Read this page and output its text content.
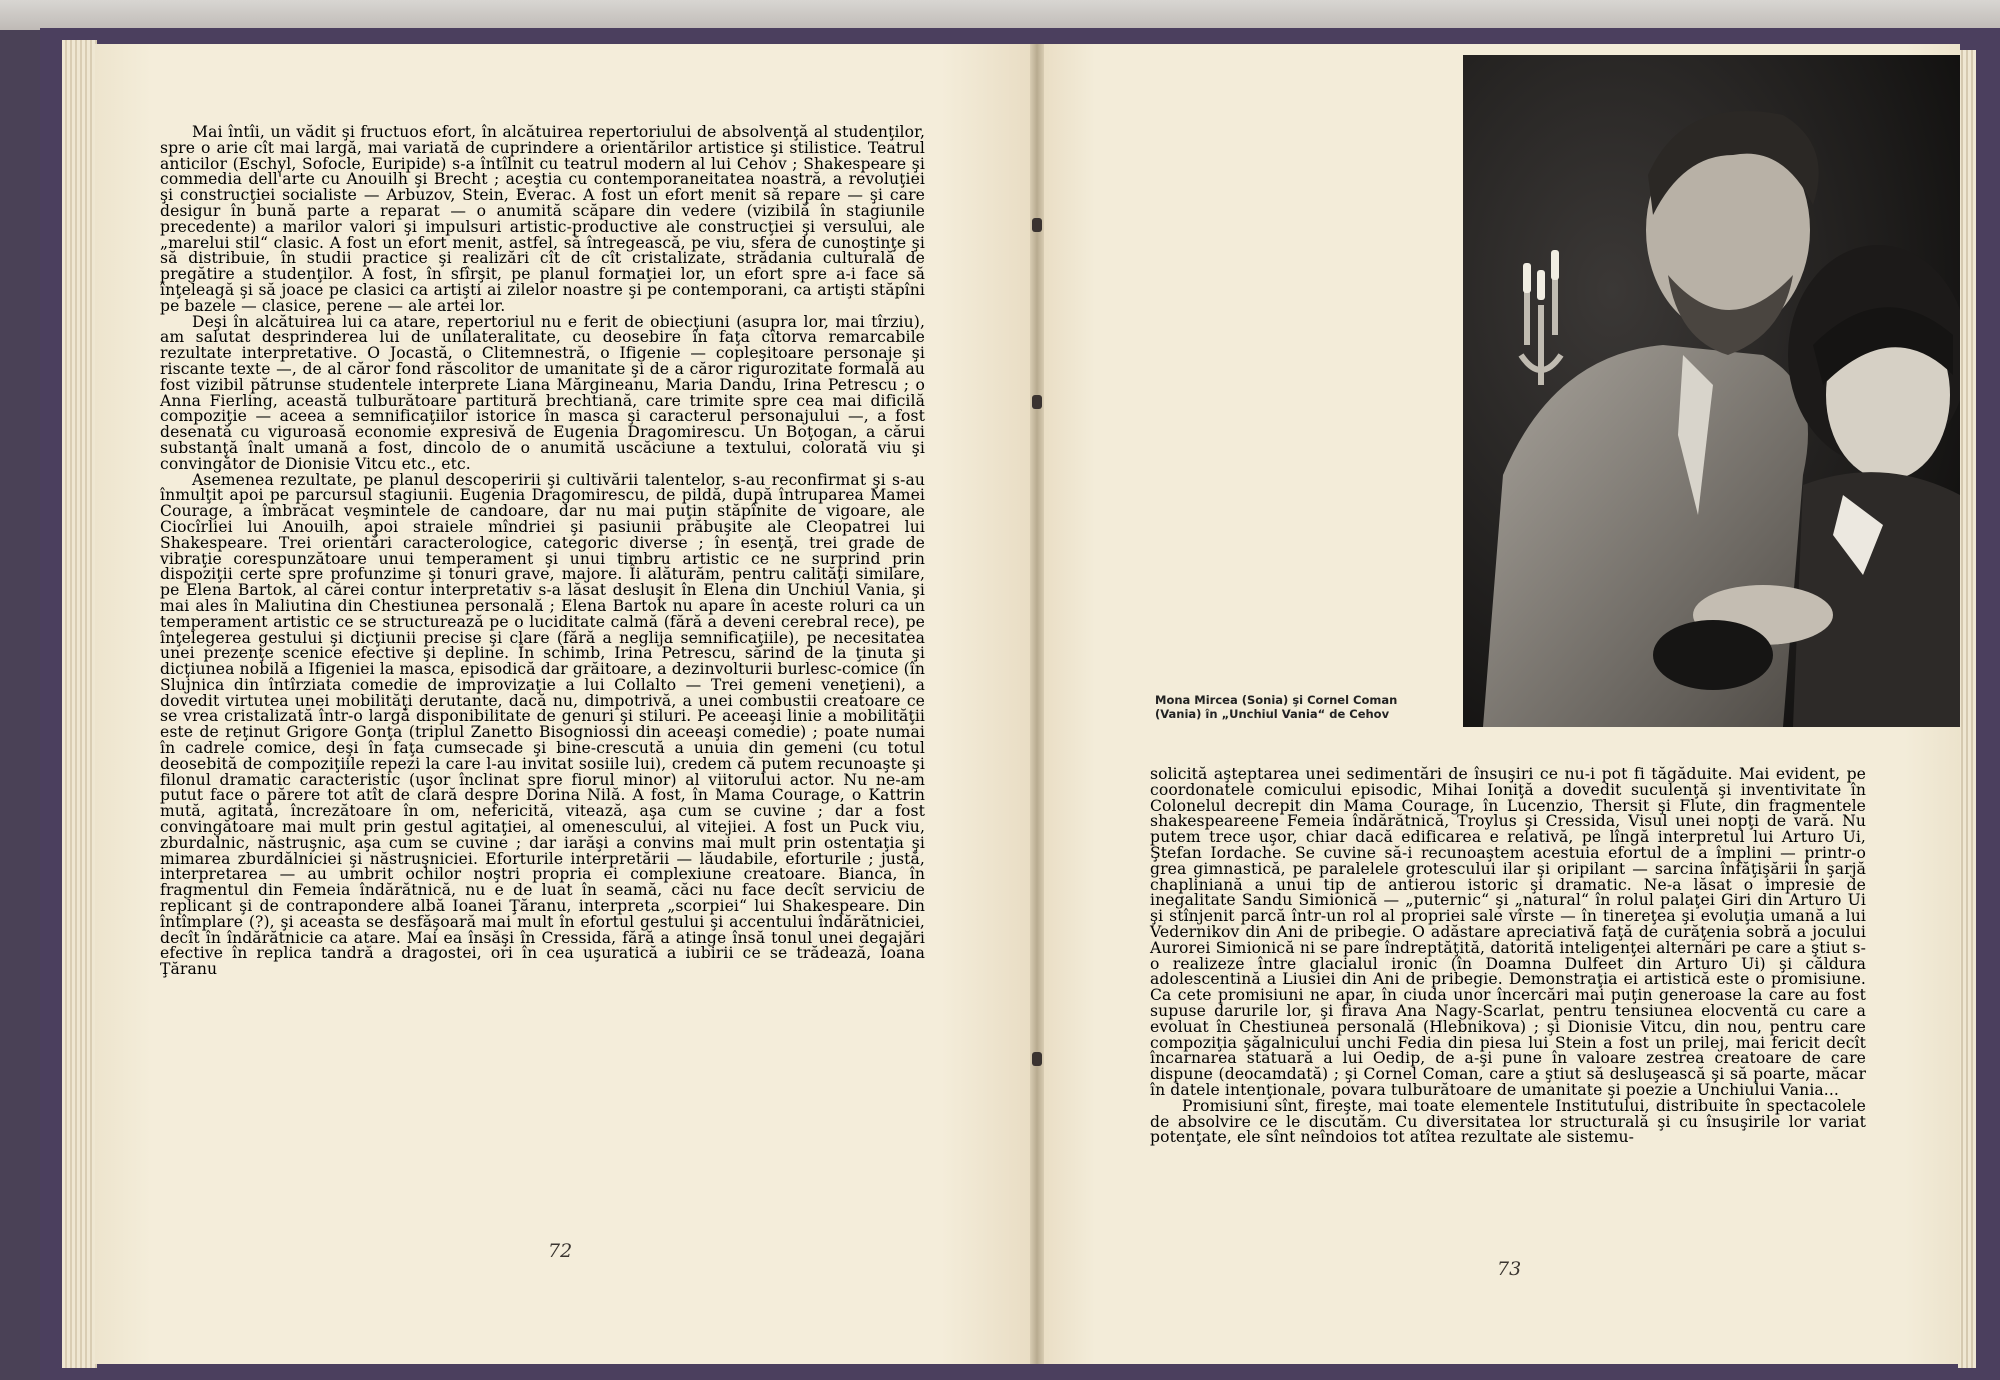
Mai întîi, un vădit şi fructuos efort, în alcătuirea repertoriului de absolvenţă al studenţilor, spre o arie cît mai largă, mai variată de cuprindere a orientărilor artistice şi stilistice. Teatrul anticilor (Eschyl, Sofocle, Euripide) s-a întîlnit cu teatrul modern al lui Cehov ; Shakespeare şi commedia dell'arte cu Anouilh şi Brecht ; aceştia cu contemporaneitatea noastră, a revoluţiei şi construcţiei socialiste — Arbuzov, Stein, Everac. A fost un efort menit să repare — şi care desigur în bună parte a reparat — o anumită scăpare din vedere (vizibilă în stagiunile precedente) a marilor valori şi impulsuri artistic-productive ale construcţiei şi versului, ale „marelui stil“ clasic. A fost un efort menit, astfel, să întregească, pe viu, sfera de cunoştinţe şi să distribuie, în studii practice şi realizări cît de cît cristalizate, strădania culturală de pregătire a studenţilor. A fost, în sfîrşit, pe planul formaţiei lor, un efort spre a-i face să înţeleagă şi să joace pe clasici ca artişti ai zilelor noastre şi pe contemporani, ca artişti stăpîni pe bazele — clasice, perene — ale artei lor.

Deşi în alcătuirea lui ca atare, repertoriul nu e ferit de obiecţiuni (asupra lor, mai tîrziu), am salutat desprinderea lui de unilateralitate, cu deosebire în faţa cîtorva remarcabile rezultate interpretative. O Jocastă, o Clitemnestră, o Ifigenie — copleşitoare personaje şi riscante texte —, de al căror fond răscolitor de umanitate şi de a căror rigurozitate formală au fost vizibil pătrunse studentele interprete Liana Mărgineanu, Maria Dandu, Irina Petrescu ; o Anna Fierling, această tulburătoare partitură brechtiană, care trimite spre cea mai dificilă compoziţie — aceea a semnificaţiilor istorice în masca şi caracterul personajului —, a fost desenată cu viguroasă economie expresivă de Eugenia Dragomirescu. Un Boţogan, a cărui substanţă înalt umană a fost, dincolo de o anumită uscăciune a textului, colorată viu şi convingător de Dionisie Vitcu etc., etc.

Asemenea rezultate, pe planul descoperirii şi cultivării talentelor, s-au reconfirmat şi s-au înmulţit apoi pe parcursul stagiunii. Eugenia Dragomirescu, de pildă, după întruparea Mamei Courage, a îmbrăcat veşmintele de candoare, dar nu mai puţin stăpînite de vigoare, ale Ciocîrliei lui Anouilh, apoi straiele mîndriei şi pasiunii prăbuşite ale Cleopatrei lui Shakespeare. Trei orientări caracterologice, categoric diverse ; în esenţă, trei grade de vibraţie corespunzătoare unui temperament şi unui timbru artistic ce ne surprind prin dispoziţii certe spre profunzime şi tonuri grave, majore. Îi alăturăm, pentru calităţi similare, pe Elena Bartok, al cărei contur interpretativ s-a lăsat desluşit în Elena din Unchiul Vania, şi mai ales în Maliutina din Chestiunea personală ; Elena Bartok nu apare în aceste roluri ca un temperament artistic ce se structurează pe o luciditate calmă (fără a deveni cerebral rece), pe înţelegerea gestului şi dicţiunii precise şi clare (fără a neglija semnificaţiile), pe necesitatea unei prezenţe scenice efective şi depline. În schimb, Irina Petrescu, sărind de la ţinuta şi dicţiunea nobilă a Ifigeniei la masca, episodică dar grăitoare, a dezinvolturii burlesc-comice (în Slujnica din întîrziata comedie de improvizaţie a lui Collalto — Trei gemeni veneţieni), a dovedit virtutea unei mobilităţi derutante, dacă nu, dimpotrivă, a unei combustii creatoare ce se vrea cristalizată într-o largă disponibilitate de genuri şi stiluri. Pe aceeaşi linie a mobilităţii este de reţinut Grigore Gonţa (triplul Zanetto Bisogniossi din aceeaşi comedie) ; poate numai în cadrele comice, deşi în faţa cumsecade şi bine-crescută a unuia din gemeni (cu totul deosebită de compoziţiile repezi la care l-au invitat sosiile lui), credem că putem recunoaşte şi filonul dramatic caracteristic (uşor înclinat spre fiorul minor) al viitorului actor. Nu ne-am putut face o părere tot atît de clară despre Dorina Nilă. A fost, în Mama Courage, o Kattrin mută, agitată, încrezătoare în om, nefericită, vitează, aşa cum se cuvine ; dar a fost convingătoare mai mult prin gestul agitaţiei, al omenescului, al vitejiei. A fost un Puck viu, zburdalnic, năstruşnic, aşa cum se cuvine ; dar iarăşi a convins mai mult prin ostentaţia şi mimarea zburdălniciei şi năstruşniciei. Eforturile interpretării — lăudabile, eforturile ; justă, interpretarea — au umbrit ochilor noştri propria ei complexiune creatoare. Bianca, în fragmentul din Femeia îndărătnică, nu e de luat în seamă, căci nu face decît serviciu de replicant şi de contrapondere albă Ioanei Ţăranu, interpreta „scorpiei“ lui Shakespeare. Din întîmplare (?), şi aceasta se desfăşoară mai mult în efortul gestului şi accentului îndărătniciei, decît în îndărătnicie ca atare. Mai ea însăşi în Cressida, fără a atinge însă tonul unei degajări efective în replica tandră a dragostei, ori în cea uşuratică a iubirii ce se trădează, Ioana Ţăranu

72
Mona Mircea (Sonia) şi Cornel Coman (Vania) în „Unchiul Vania“ de Cehov

solicită aşteptarea unei sedimentări de însuşiri ce nu-i pot fi tăgăduite. Mai evident, pe coordonatele comicului episodic, Mihai Ioniţă a dovedit suculenţă şi inventivitate în Colonelul decrepit din Mama Courage, în Lucenzio, Thersit şi Flute, din fragmentele shakespeareene Femeia îndărătnică, Troylus şi Cressida, Visul unei nopţi de vară. Nu putem trece uşor, chiar dacă edificarea e relativă, pe lîngă interpretul lui Arturo Ui, Ştefan Iordache. Se cuvine să-i recunoaştem acestuia efortul de a împlini — printr-o grea gimnastică, pe paralelele grotescului ilar şi oripilant — sarcina înfăţişării în şarjă chapliniană a unui tip de antierou istoric şi dramatic. Ne-a lăsat o impresie de inegalitate Sandu Simionică — „puternic“ şi „natural“ în rolul palaţei Giri din Arturo Ui şi stînjenit parcă într-un rol al propriei sale vîrste — în tinereţea şi evoluţia umană a lui Vedernikov din Ani de pribegie. O adăstare apreciativă faţă de curăţenia sobră a jocului Aurorei Simionică ni se pare îndreptăţită, datorită inteligenţei alternări pe care a ştiut s-o realizeze între glacialul ironic (în Doamna Dulfeet din Arturo Ui) şi căldura adolescentină a Liusiei din Ani de pribegie. Demonstraţia ei artistică este o promisiune. Ca cete promisiuni ne apar, în ciuda unor încercări mai puţin generoase la care au fost supuse darurile lor, şi firava Ana Nagy-Scarlat, pentru tensiunea elocventă cu care a evoluat în Chestiunea personală (Hlebnikova) ; şi Dionisie Vitcu, din nou, pentru care compoziţia şăgalnicului unchi Fedia din piesa lui Stein a fost un prilej, mai fericit decît încarnarea statuară a lui Oedip, de a-şi pune în valoare zestrea creatoare de care dispune (deocamdată) ; şi Cornel Coman, care a ştiut să desluşească şi să poarte, măcar în datele intenţionale, povara tulburătoare de umanitate şi poezie a Unchiului Vania...

Promisiuni sînt, fireşte, mai toate elementele Institutului, distribuite în spectacolele de absolvire ce le discutăm. Cu diversitatea lor structurală şi cu însuşirile lor variat potenţate, ele sînt neîndoios tot atîtea rezultate ale sistemu-

73
